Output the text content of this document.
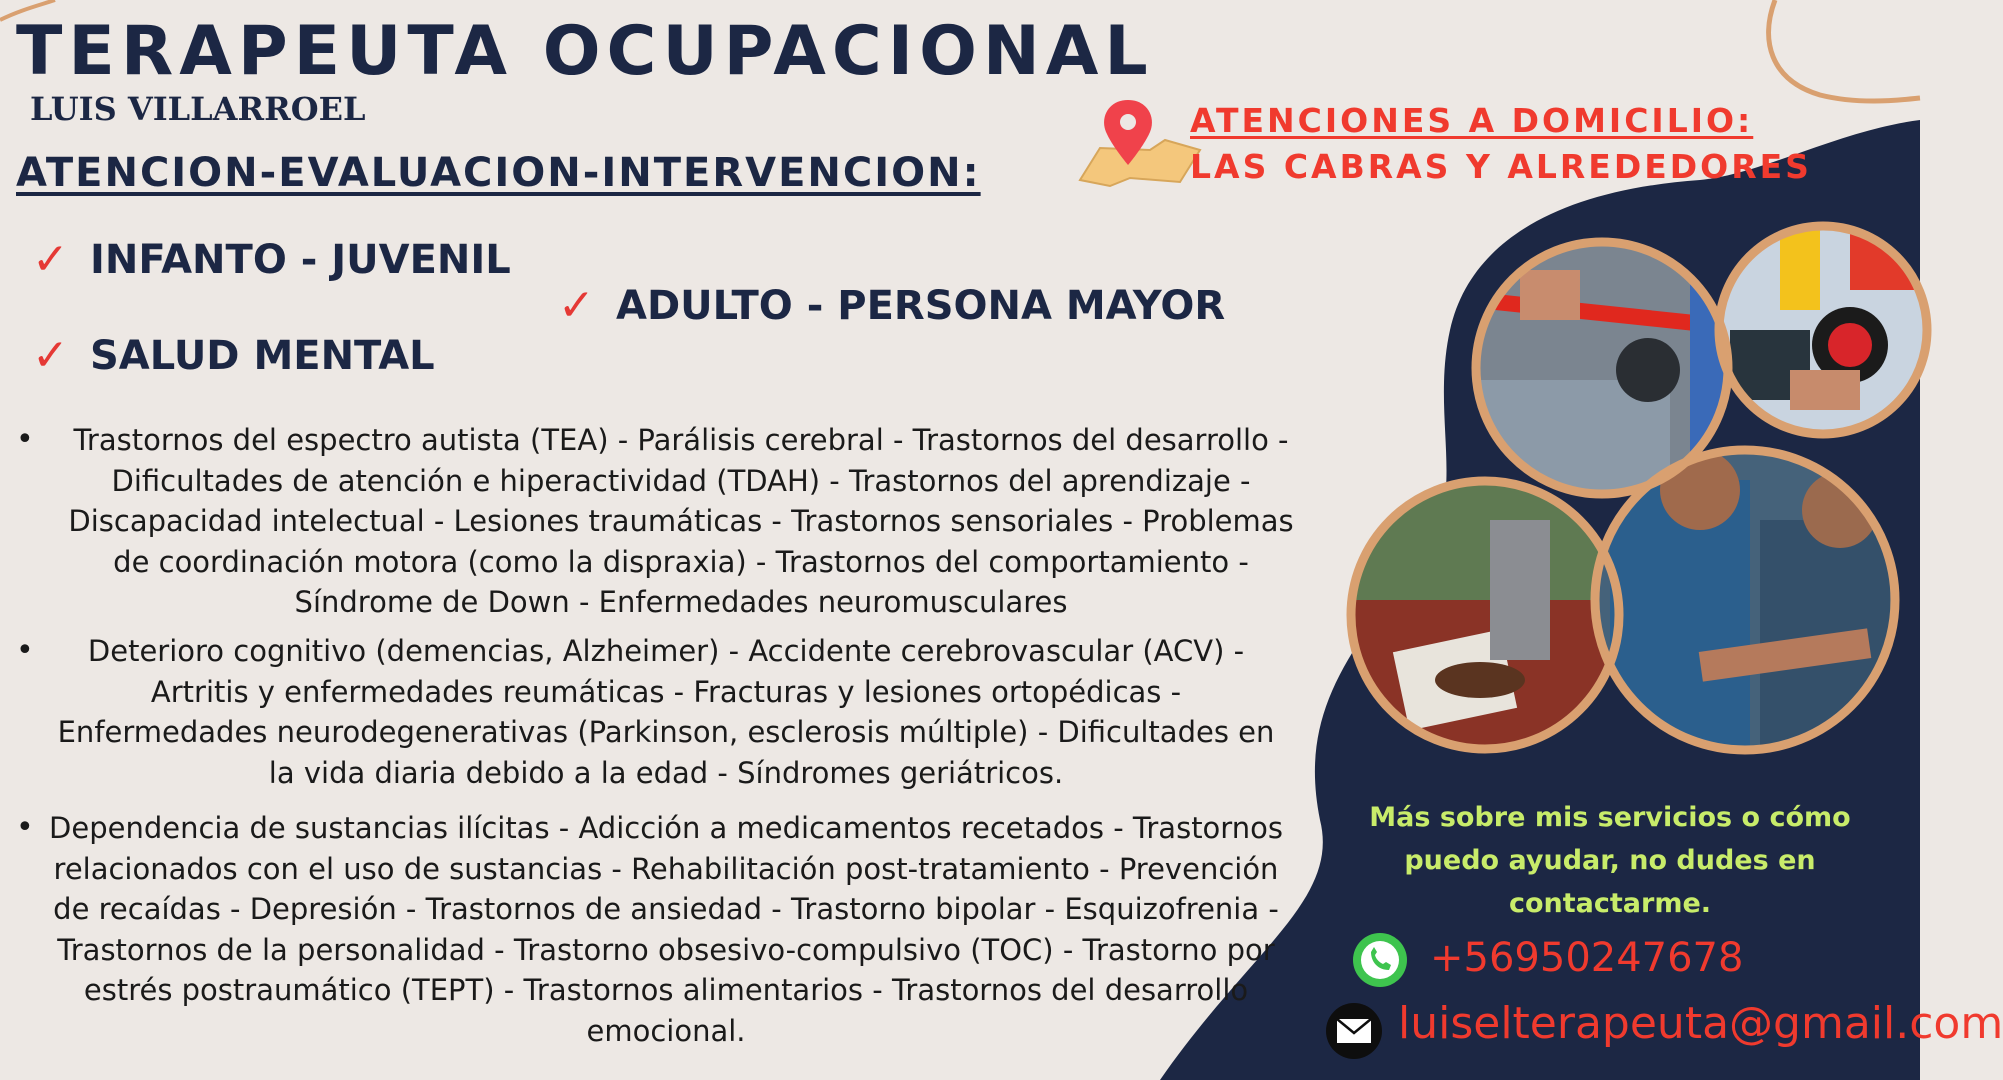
TERAPEUTA OCUPACIONAL
LUIS VILLARROEL
ATENCION-EVALUACION-INTERVENCION:
✓ INFANTO - JUVENIL
✓ ADULTO - PERSONA MAYOR
✓ SALUD MENTAL
ATENCIONES A DOMICILIO:
LAS CABRAS Y ALREDEDORES
•	Trastornos del espectro autista (TEA) - Parálisis cerebral - Trastornos del desarrollo - Dificultades de atención e hiperactividad (TDAH) - Trastornos del aprendizaje - Discapacidad intelectual - Lesiones traumáticas - Trastornos sensoriales - Problemas de coordinación motora (como la dispraxia) - Trastornos del comportamiento - Síndrome de Down - Enfermedades neuromusculares
•	Deterioro cognitivo (demencias, Alzheimer) - Accidente cerebrovascular (ACV) - Artritis y enfermedades reumáticas - Fracturas y lesiones ortopédicas - Enfermedades neurodegenerativas (Parkinson, esclerosis múltiple) - Dificultades en la vida diaria debido a la edad - Síndromes geriátricos.
• Dependencia de sustancias ilícitas - Adicción a medicamentos recetados - Trastornos relacionados con el uso de sustancias - Rehabilitación post-tratamiento - Prevención de recaídas - Depresión - Trastornos de ansiedad - Trastorno bipolar - Esquizofrenia - Trastornos de la personalidad - Trastorno obsesivo-compulsivo (TOC) - Trastorno por estrés postraumático (TEPT) - Trastornos alimentarios - Trastornos del desarrollo emocional.
Más sobre mis servicios o cómo puedo ayudar, no dudes en contactarme.
+56950247678
luiselterapeuta@gmail.com
